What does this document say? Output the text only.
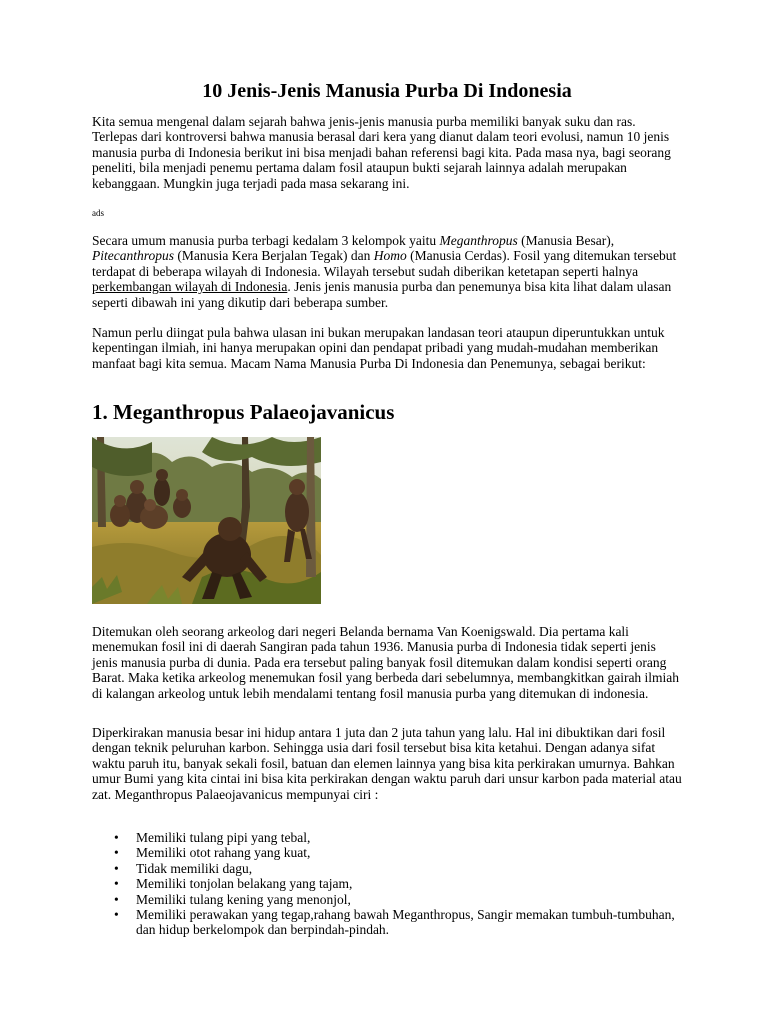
10 Jenis-Jenis Manusia Purba Di Indonesia

Kita semua mengenal dalam sejarah bahwa jenis-jenis manusia purba memiliki banyak suku dan ras. Terlepas dari kontroversi bahwa manusia berasal dari kera yang dianut dalam teori evolusi, namun 10 jenis manusia purba di Indonesia berikut ini bisa menjadi bahan referensi bagi kita. Pada masa nya, bagi seorang peneliti, bila menjadi penemu pertama dalam fosil ataupun bukti sejarah lainnya adalah merupakan kebanggaan. Mungkin juga terjadi pada masa sekarang ini.

ads

Secara umum manusia purba terbagi kedalam 3 kelompok yaitu Meganthropus (Manusia Besar), Pitecanthropus (Manusia Kera Berjalan Tegak) dan Homo (Manusia Cerdas). Fosil yang ditemukan tersebut terdapat di beberapa wilayah di Indonesia. Wilayah tersebut sudah diberikan ketetapan seperti halnya perkembangan wilayah di Indonesia. Jenis jenis manusia purba dan penemunya bisa kita lihat dalam ulasan seperti dibawah ini yang dikutip dari beberapa sumber.

Namun perlu diingat pula bahwa ulasan ini bukan merupakan landasan teori ataupun diperuntukkan untuk kepentingan ilmiah, ini hanya merupakan opini dan pendapat pribadi yang mudah-mudahan memberikan manfaat bagi kita semua. Macam Nama Manusia Purba Di Indonesia dan Penemunya, sebagai berikut:

1. Meganthropus Palaeojavanicus

Ditemukan oleh seorang arkeolog dari negeri Belanda bernama Van Koenigswald. Dia pertama kali menemukan fosil ini di daerah Sangiran pada tahun 1936. Manusia purba di Indonesia tidak seperti jenis jenis manusia purba di dunia. Pada era tersebut paling banyak fosil ditemukan dalam kondisi seperti orang Barat. Maka ketika arkeolog menemukan fosil yang berbeda dari sebelumnya, membangkitkan gairah ilmiah di kalangan arkeolog untuk lebih mendalami tentang fosil manusia purba yang ditemukan di indonesia.

Diperkirakan manusia besar ini hidup antara 1 juta dan 2 juta tahun yang lalu. Hal ini dibuktikan dari fosil dengan teknik peluruhan karbon. Sehingga usia dari fosil tersebut bisa kita ketahui. Dengan adanya sifat waktu paruh itu, banyak sekali fosil, batuan dan elemen lainnya yang bisa kita perkirakan umurnya. Bahkan umur Bumi yang kita cintai ini bisa kita perkirakan dengan waktu paruh dari unsur karbon pada material atau zat. Meganthropus Palaeojavanicus mempunyai ciri :

• Memiliki tulang pipi yang tebal,
• Memiliki otot rahang yang kuat,
• Tidak memiliki dagu,
• Memiliki tonjolan belakang yang tajam,
• Memiliki tulang kening yang menonjol,
• Memiliki perawakan yang tegap,rahang bawah Meganthropus, Sangir memakan tumbuh-tumbuhan, dan hidup berkelompok dan berpindah-pindah.
